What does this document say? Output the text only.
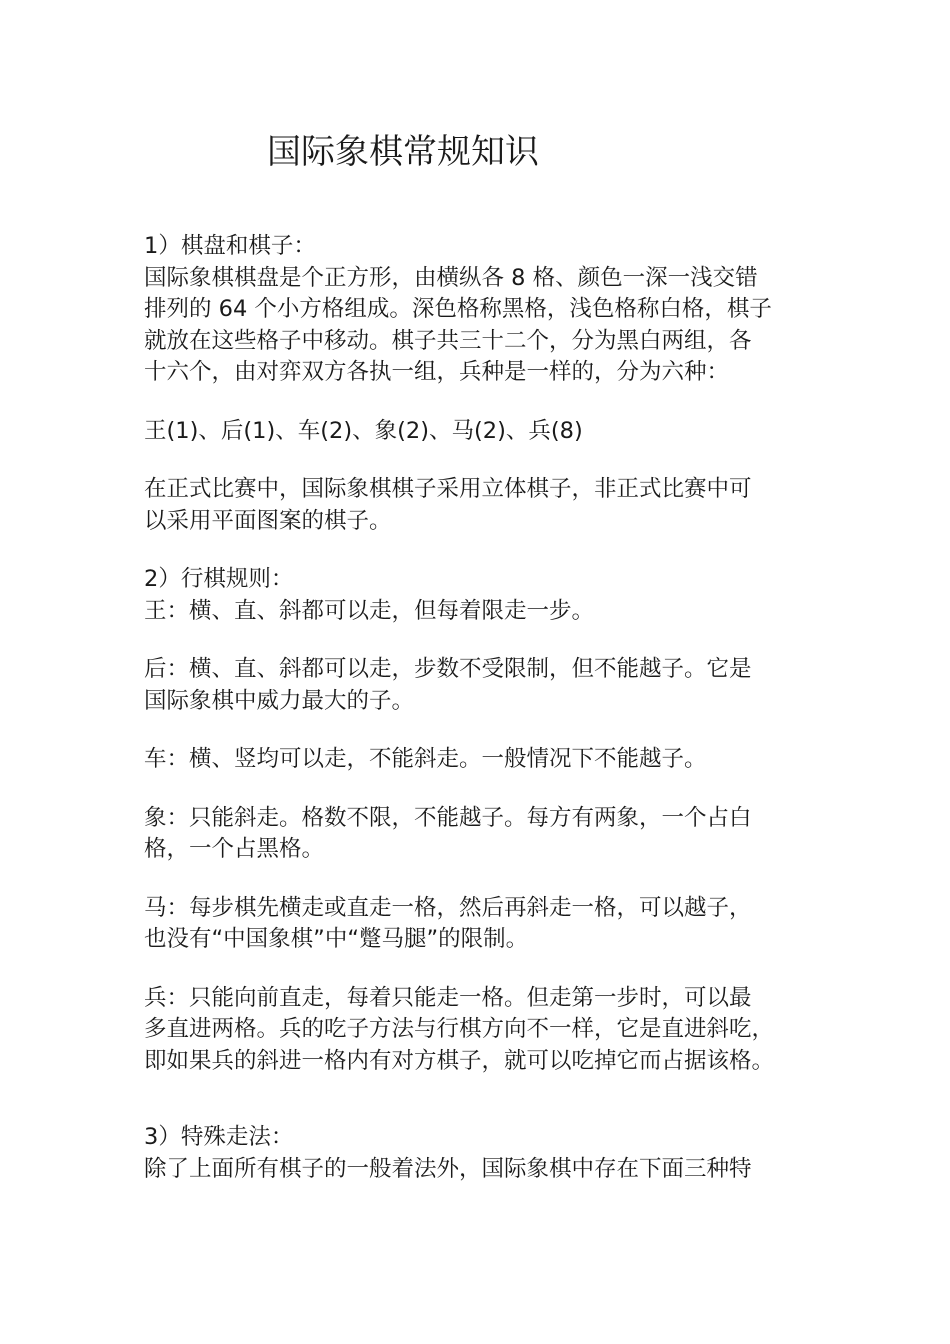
国际象棋常规知识
1）棋盘和棋子：
国际象棋棋盘是个正方形，由横纵各 8 格、颜色一深一浅交错
排列的 64 个小方格组成。深色格称黑格，浅色格称白格，棋子
就放在这些格子中移动。棋子共三十二个，分为黑白两组，各
十六个，由对弈双方各执一组，兵种是一样的，分为六种：
王(1)、后(1)、车(2)、象(2)、马(2)、兵(8)
在正式比赛中，国际象棋棋子采用立体棋子，非正式比赛中可
以采用平面图案的棋子。
2）行棋规则：
王：横、直、斜都可以走，但每着限走一步。
后：横、直、斜都可以走，步数不受限制，但不能越子。它是
国际象棋中威力最大的子。
车：横、竖均可以走，不能斜走。一般情况下不能越子。
象：只能斜走。格数不限，不能越子。每方有两象，一个占白
格，一个占黑格。
马：每步棋先横走或直走一格，然后再斜走一格，可以越子，
也没有“中国象棋”中“蹩马腿”的限制。
兵：只能向前直走，每着只能走一格。但走第一步时，可以最
多直进两格。兵的吃子方法与行棋方向不一样，它是直进斜吃，
即如果兵的斜进一格内有对方棋子，就可以吃掉它而占据该格。
3）特殊走法：
除了上面所有棋子的一般着法外，国际象棋中存在下面三种特
